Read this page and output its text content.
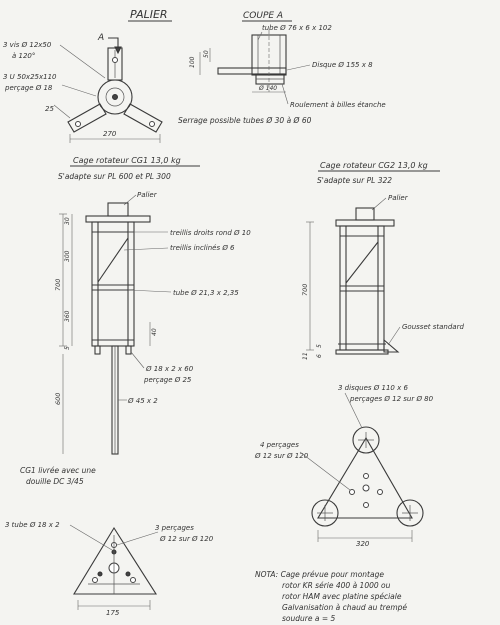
PALIER
A
3 vis Ø 12x50
à 120°
3 U 50x25x110
perçage Ø 18
25
270
Serrage possible tubes Ø 30 à Ø 60
COUPE A
tube Ø 76 x 6 x 102
Disque Ø 155 x 8
100
50
Ø 140
Roulement à billes étanche
Cage rotateur CG1 13,0 kg
S'adapte sur PL 600 et PL 300
Palier
700
30
300
360
5
600
40
treillis droits rond Ø 10
treillis inclinés Ø 6
tube Ø 21,3 x 2,35
Ø 18 x 2 x 60
perçage Ø 25
Ø 45 x 2
CG1 livrée avec une
douille DC 3/45
Cage rotateur CG2 13,0 kg
S'adapte sur PL 322
Palier
Gousset standard
700
11
5
6
3 disques Ø 110 x 6
perçages Ø 12 sur Ø 80
4 perçages
Ø 12 sur Ø 120
320
3 tube Ø 18 x 2	3 perçages
Ø 12 sur Ø 120
175
NOTA: Cage prévue pour montage
rotor KR série 400 à 1000 ou
rotor HAM avec platine spéciale
Galvanisation à chaud au trempé
soudure a = 5
